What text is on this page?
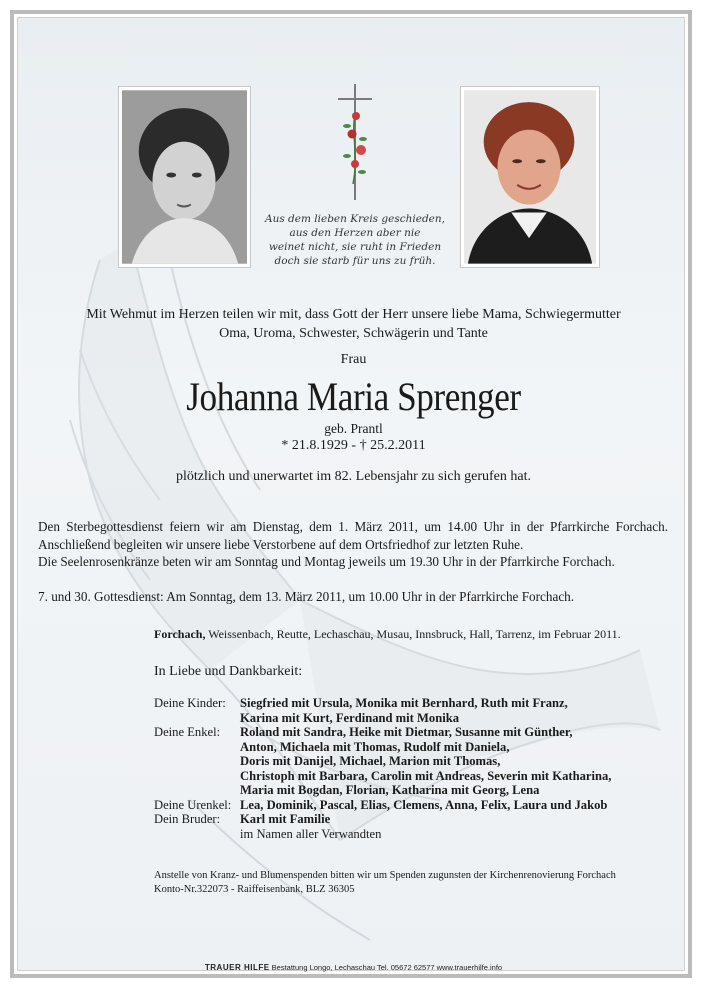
Aus dem lieben Kreis geschieden,
aus den Herzen aber nie
weinet nicht, sie ruht in Frieden
doch sie starb für uns zu früh.
Mit Wehmut im Herzen teilen wir mit, dass Gott der Herr unsere liebe Mama, Schwiegermutter
Oma, Uroma, Schwester, Schwägerin und Tante
Frau
Johanna Maria Sprenger
geb. Prantl
* 21.8.1929 - † 25.2.2011
plötzlich und unerwartet im 82. Lebensjahr zu sich gerufen hat.
Den Sterbegottesdienst feiern wir am Dienstag, dem 1. März 2011, um 14.00 Uhr in der Pfarrkirche Forchach. Anschließend begleiten wir unsere liebe Verstorbene auf dem Ortsfriedhof zur letzten Ruhe.
Die Seelenrosenkränze beten wir am Sonntag und Montag jeweils um 19.30 Uhr in der Pfarrkirche Forchach.
7. und 30. Gottesdienst: Am Sonntag, dem 13. März 2011, um 10.00 Uhr in der Pfarrkirche Forchach.
Forchach, Weissenbach, Reutte, Lechaschau, Musau, Innsbruck, Hall, Tarrenz, im Februar 2011.
In Liebe und Dankbarkeit:
Deine Kinder:	Siegfried mit Ursula, Monika mit Bernhard, Ruth mit Franz,
Karina mit Kurt, Ferdinand mit Monika
Deine Enkel:	Roland mit Sandra, Heike mit Dietmar, Susanne mit Günther,
Anton, Michaela mit Thomas, Rudolf mit Daniela,
Doris mit Danijel, Michael, Marion mit Thomas,
Christoph mit Barbara, Carolin mit Andreas, Severin mit Katharina,
Maria mit Bogdan, Florian, Katharina mit Georg, Lena
Deine Urenkel: Lea, Dominik, Pascal, Elias, Clemens, Anna, Felix, Laura und Jakob
Dein Bruder:	Karl mit Familie
im Namen aller Verwandten
Anstelle von Kranz- und Blumenspenden bitten wir um Spenden zugunsten der Kirchenrenovierung Forchach
Konto-Nr.322073 - Raiffeisenbank, BLZ 36305
TRAUER HILFE Bestattung Longo, Lechaschau Tel. 05672 62577 www.trauerhilfe.info
